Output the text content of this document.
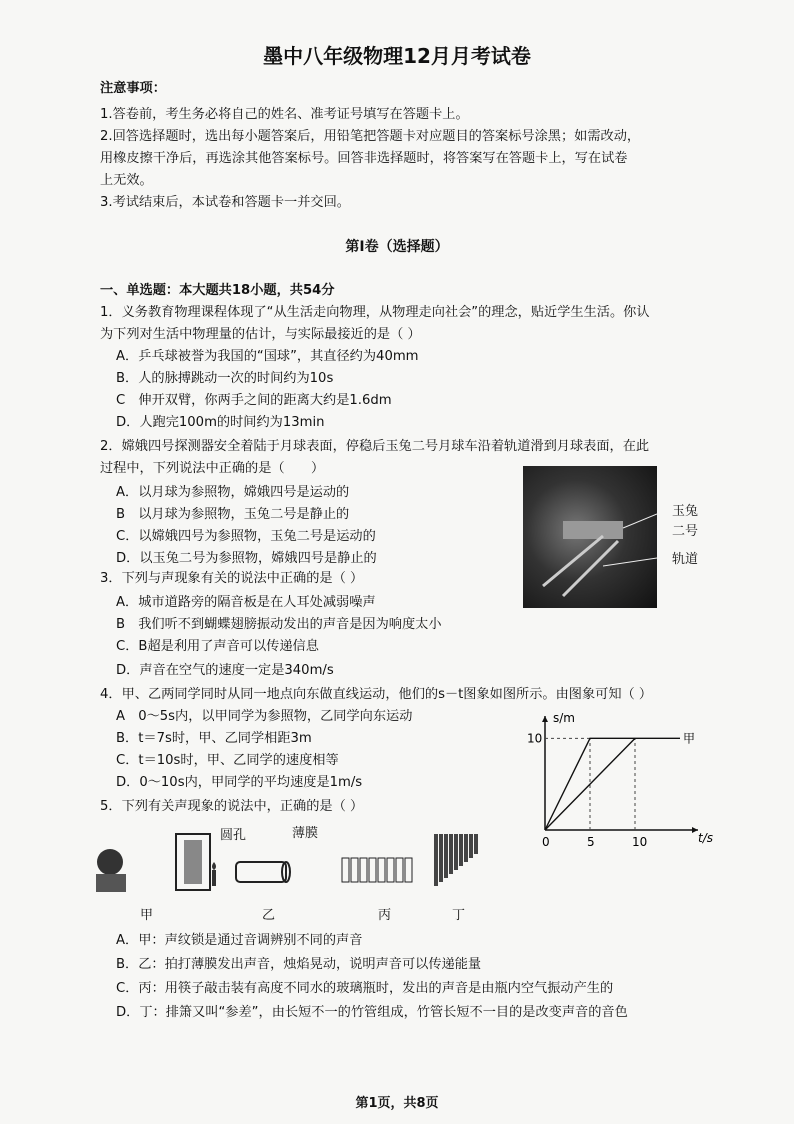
墨中八年级物理12月月考试卷
注意事项：
1.答卷前，考生务必将自己的姓名、准考证号填写在答题卡上。
2.回答选择题时，选出每小题答案后，用铅笔把答题卡对应题目的答案标号涂黑；如需改动，
用橡皮擦干净后，再选涂其他答案标号。回答非选择题时，将答案写在答题卡上，写在试卷
上无效。
3.考试结束后，本试卷和答题卡一并交回。
第Ⅰ卷（选择题）
一、单选题：本大题共18小题，共54分
1．义务教育物理课程体现了“从生活走向物理，从物理走向社会”的理念，贴近学生生活。你认
为下列对生活中物理量的估计，与实际最接近的是（ ）
A．乒乓球被誉为我国的“国球”，其直径约为40mm
B．人的脉搏跳动一次的时间约为10s
C　伸开双臂，你两手之间的距离大约是1.6dm
D．人跑完100m的时间约为13min
2．嫦娥四号探测器安全着陆于月球表面，停稳后玉兔二号月球车沿着轨道滑到月球表面，在此
过程中，下列说法中正确的是（　　）
A．以月球为参照物，嫦娥四号是运动的
B　以月球为参照物，玉兔二号是静止的
C．以嫦娥四号为参照物，玉兔二号是运动的
D．以玉兔二号为参照物，嫦娥四号是静止的
玉兔
二号
轨道
3．下列与声现象有关的说法中正确的是（ ）
A．城市道路旁的隔音板是在人耳处减弱噪声
B　我们听不到蝴蝶翅膀振动发出的声音是因为响度太小
C．B超是利用了声音可以传递信息
D．声音在空气的速度一定是340m/s
4．甲、乙两同学同时从同一地点向东做直线运动，他们的s－t图象如图所示。由图象可知（ ）
A　0～5s内，以甲同学为参照物，乙同学向东运动
B．t＝7s时，甲、乙同学相距3m
C．t＝10s时，甲、乙同学的速度相等
D．0～10s内，甲同学的平均速度是1m/s
0	5	10
10	甲
s/m
t/s
5．下列有关声现象的说法中，正确的是（ ）
圆孔	薄膜
甲	乙	丙	丁
A．甲：声纹锁是通过音调辨别不同的声音
B．乙：拍打薄膜发出声音，烛焰晃动，说明声音可以传递能量
C．丙：用筷子敲击装有高度不同水的玻璃瓶时，发出的声音是由瓶内空气振动产生的
D．丁：排箫又叫“参差”，由长短不一的竹管组成，竹管长短不一目的是改变声音的音色
第1页，共8页
